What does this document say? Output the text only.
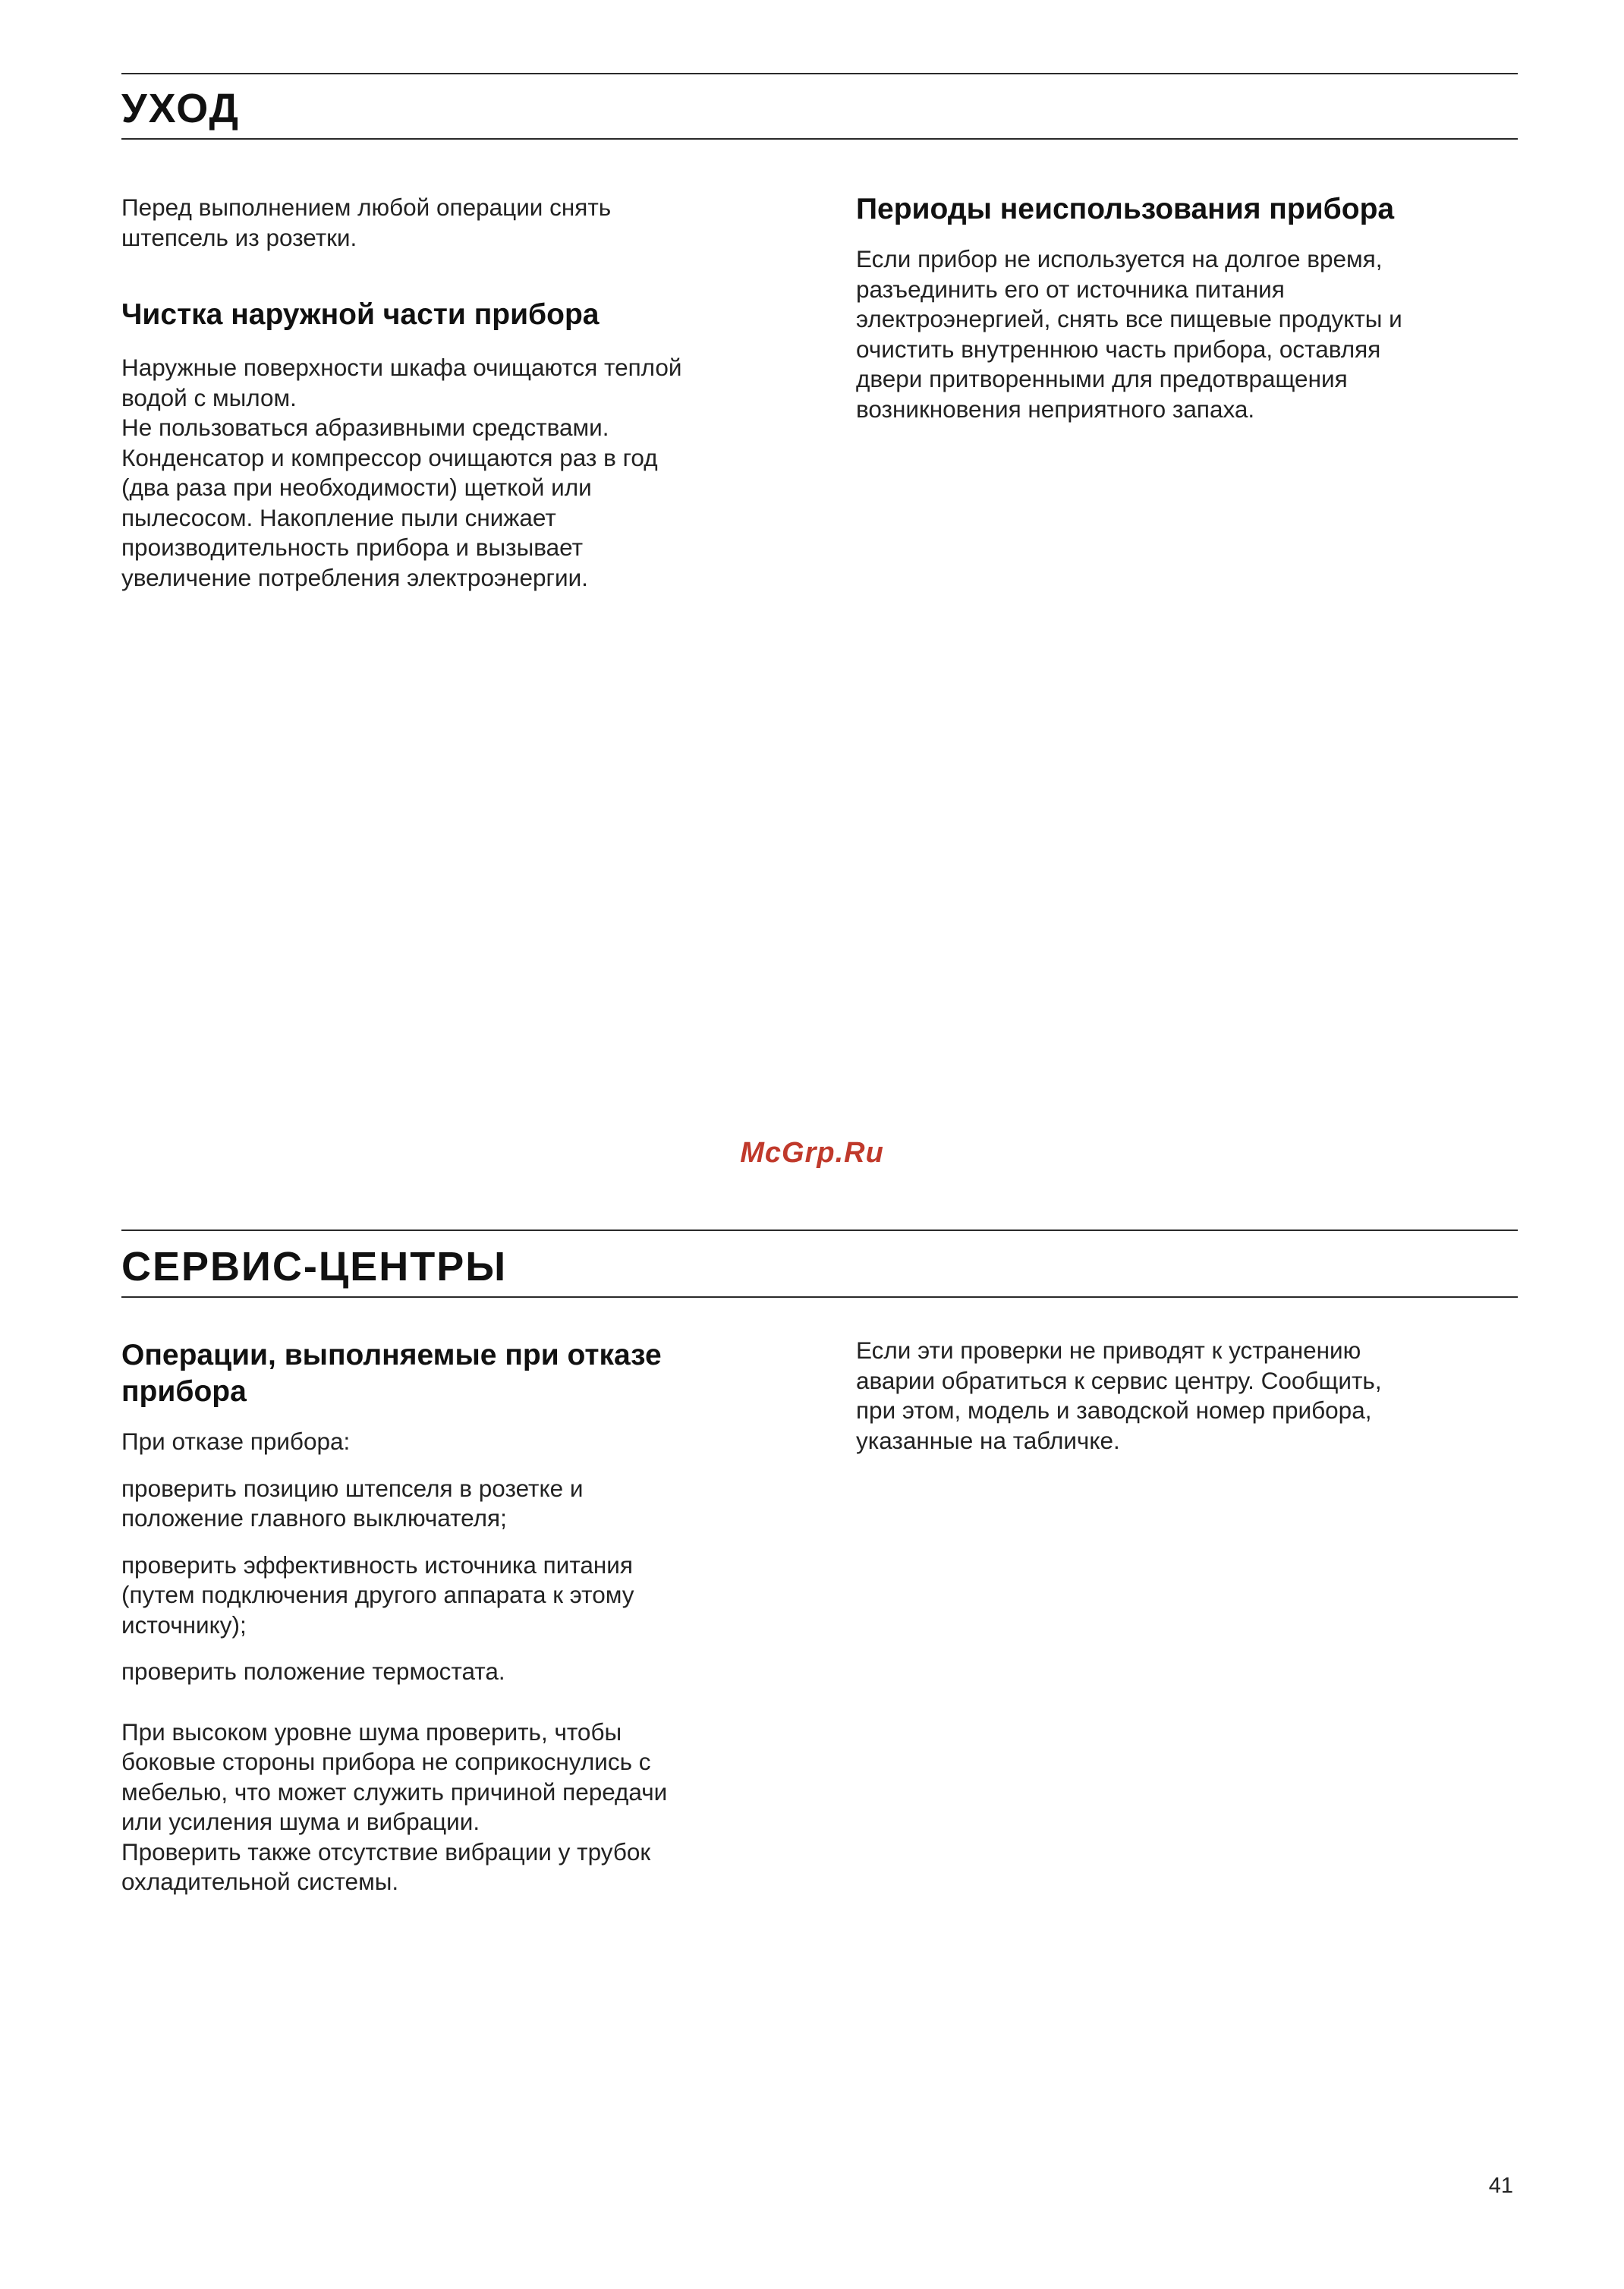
УХОД

Перед выполнением любой операции снять
штепсель из розетки.

Чистка наружной части прибора

Наружные поверхности шкафа очищаются теплой
водой с мылом.
Не пользоваться абразивными средствами.
Конденсатор и компрессор очищаются раз в год
(два раза при необходимости) щеткой или
пылесосом. Накопление пыли снижает
производительность прибора и вызывает
увеличение потребления электроэнергии.

Периоды неиспользования прибора

Если прибор не используется на долгое время,
разъединить его от источника питания
электроэнергией, снять все пищевые продукты и
очистить внутреннюю часть прибора, оставляя
двери притворенными для предотвращения
возникновения неприятного запаха.

McGrp.Ru
СЕРВИС-ЦЕНТРЫ
Операции, выполняемые при отказе
прибора

При отказе прибора:

проверить позицию штепселя в розетке и
положение главного выключателя;

проверить эффективность источника питания
(путем подключения другого аппарата к этому
источнику);

проверить положение термостата.

При высоком уровне шума проверить, чтобы
боковые стороны прибора не соприкоснулись с
мебелью, что может служить причиной передачи
или усиления шума и вибрации.
Проверить также отсутствие вибрации у трубок
охладительной системы.

Если эти проверки не приводят к устранению
аварии обратиться к сервис центру. Сообщить,
при этом, модель и заводской номер прибора,
указанные на табличке.

41
